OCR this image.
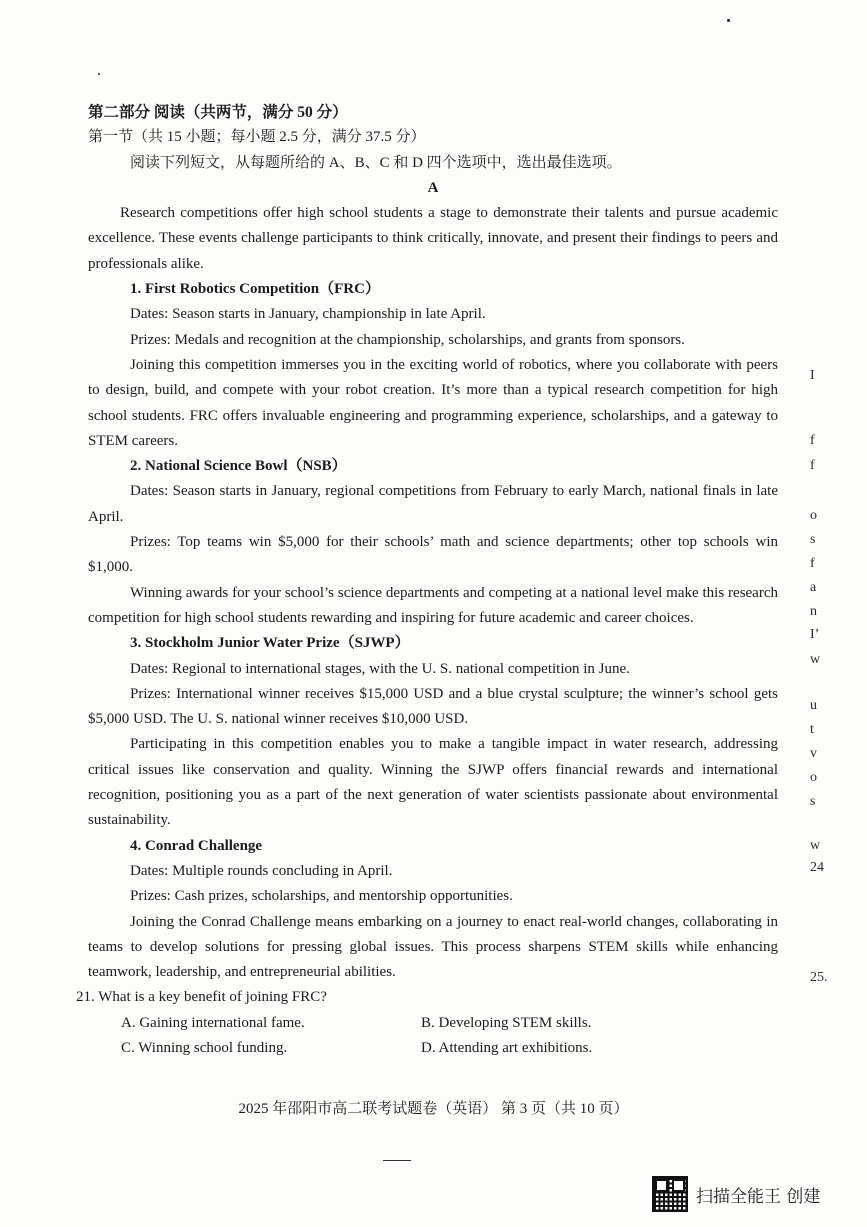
第二部分 阅读（共两节，满分 50 分）
第一节（共 15 小题；每小题 2.5 分，满分 37.5 分）
阅读下列短文，从每题所给的 A、B、C 和 D 四个选项中，选出最佳选项。
A

Research competitions offer high school students a stage to demonstrate their talents and pursue academic excellence. These events challenge participants to think critically, innovate, and present their findings to peers and professionals alike.

1. First Robotics Competition（FRC）
Dates: Season starts in January, championship in late April.
Prizes: Medals and recognition at the championship, scholarships, and grants from sponsors.

Joining this competition immerses you in the exciting world of robotics, where you collaborate with peers to design, build, and compete with your robot creation. It’s more than a typical research competition for high school students. FRC offers invaluable engineering and programming experience, scholarships, and a gateway to STEM careers.

2. National Science Bowl（NSB）

Dates: Season starts in January, regional competitions from February to early March, national finals in late April.

Prizes: Top teams win $5,000 for their schools’ math and science departments; other top schools win $1,000.

Winning awards for your school’s science departments and competing at a national level make this research competition for high school students rewarding and inspiring for future academic and career choices.

3. Stockholm Junior Water Prize（SJWP）
Dates: Regional to international stages, with the U. S. national competition in June.

Prizes: International winner receives $15,000 USD and a blue crystal sculpture; the winner’s school gets $5,000 USD. The U. S. national winner receives $10,000 USD.

Participating in this competition enables you to make a tangible impact in water research, addressing critical issues like conservation and quality. Winning the SJWP offers financial rewards and international recognition, positioning you as a part of the next generation of water scientists passionate about environmental sustainability.

4. Conrad Challenge
Dates: Multiple rounds concluding in April.
Prizes: Cash prizes, scholarships, and mentorship opportunities.

Joining the Conrad Challenge means embarking on a journey to enact real-world changes, collaborating in teams to develop solutions for pressing global issues. This process sharpens STEM skills while enhancing teamwork, leadership, and entrepreneurial abilities.

21. What is a key benefit of joining FRC?
A. Gaining international fame.	B. Developing STEM skills.
C. Winning school funding.	D. Attending art exhibitions.
I
f
f
o
s
f
a
n
I’
w
u
t
v
o
s
w
24
25.
2025 年邵阳市高二联考试题卷（英语） 第 3 页（共 10 页）
扫描全能王 创建
